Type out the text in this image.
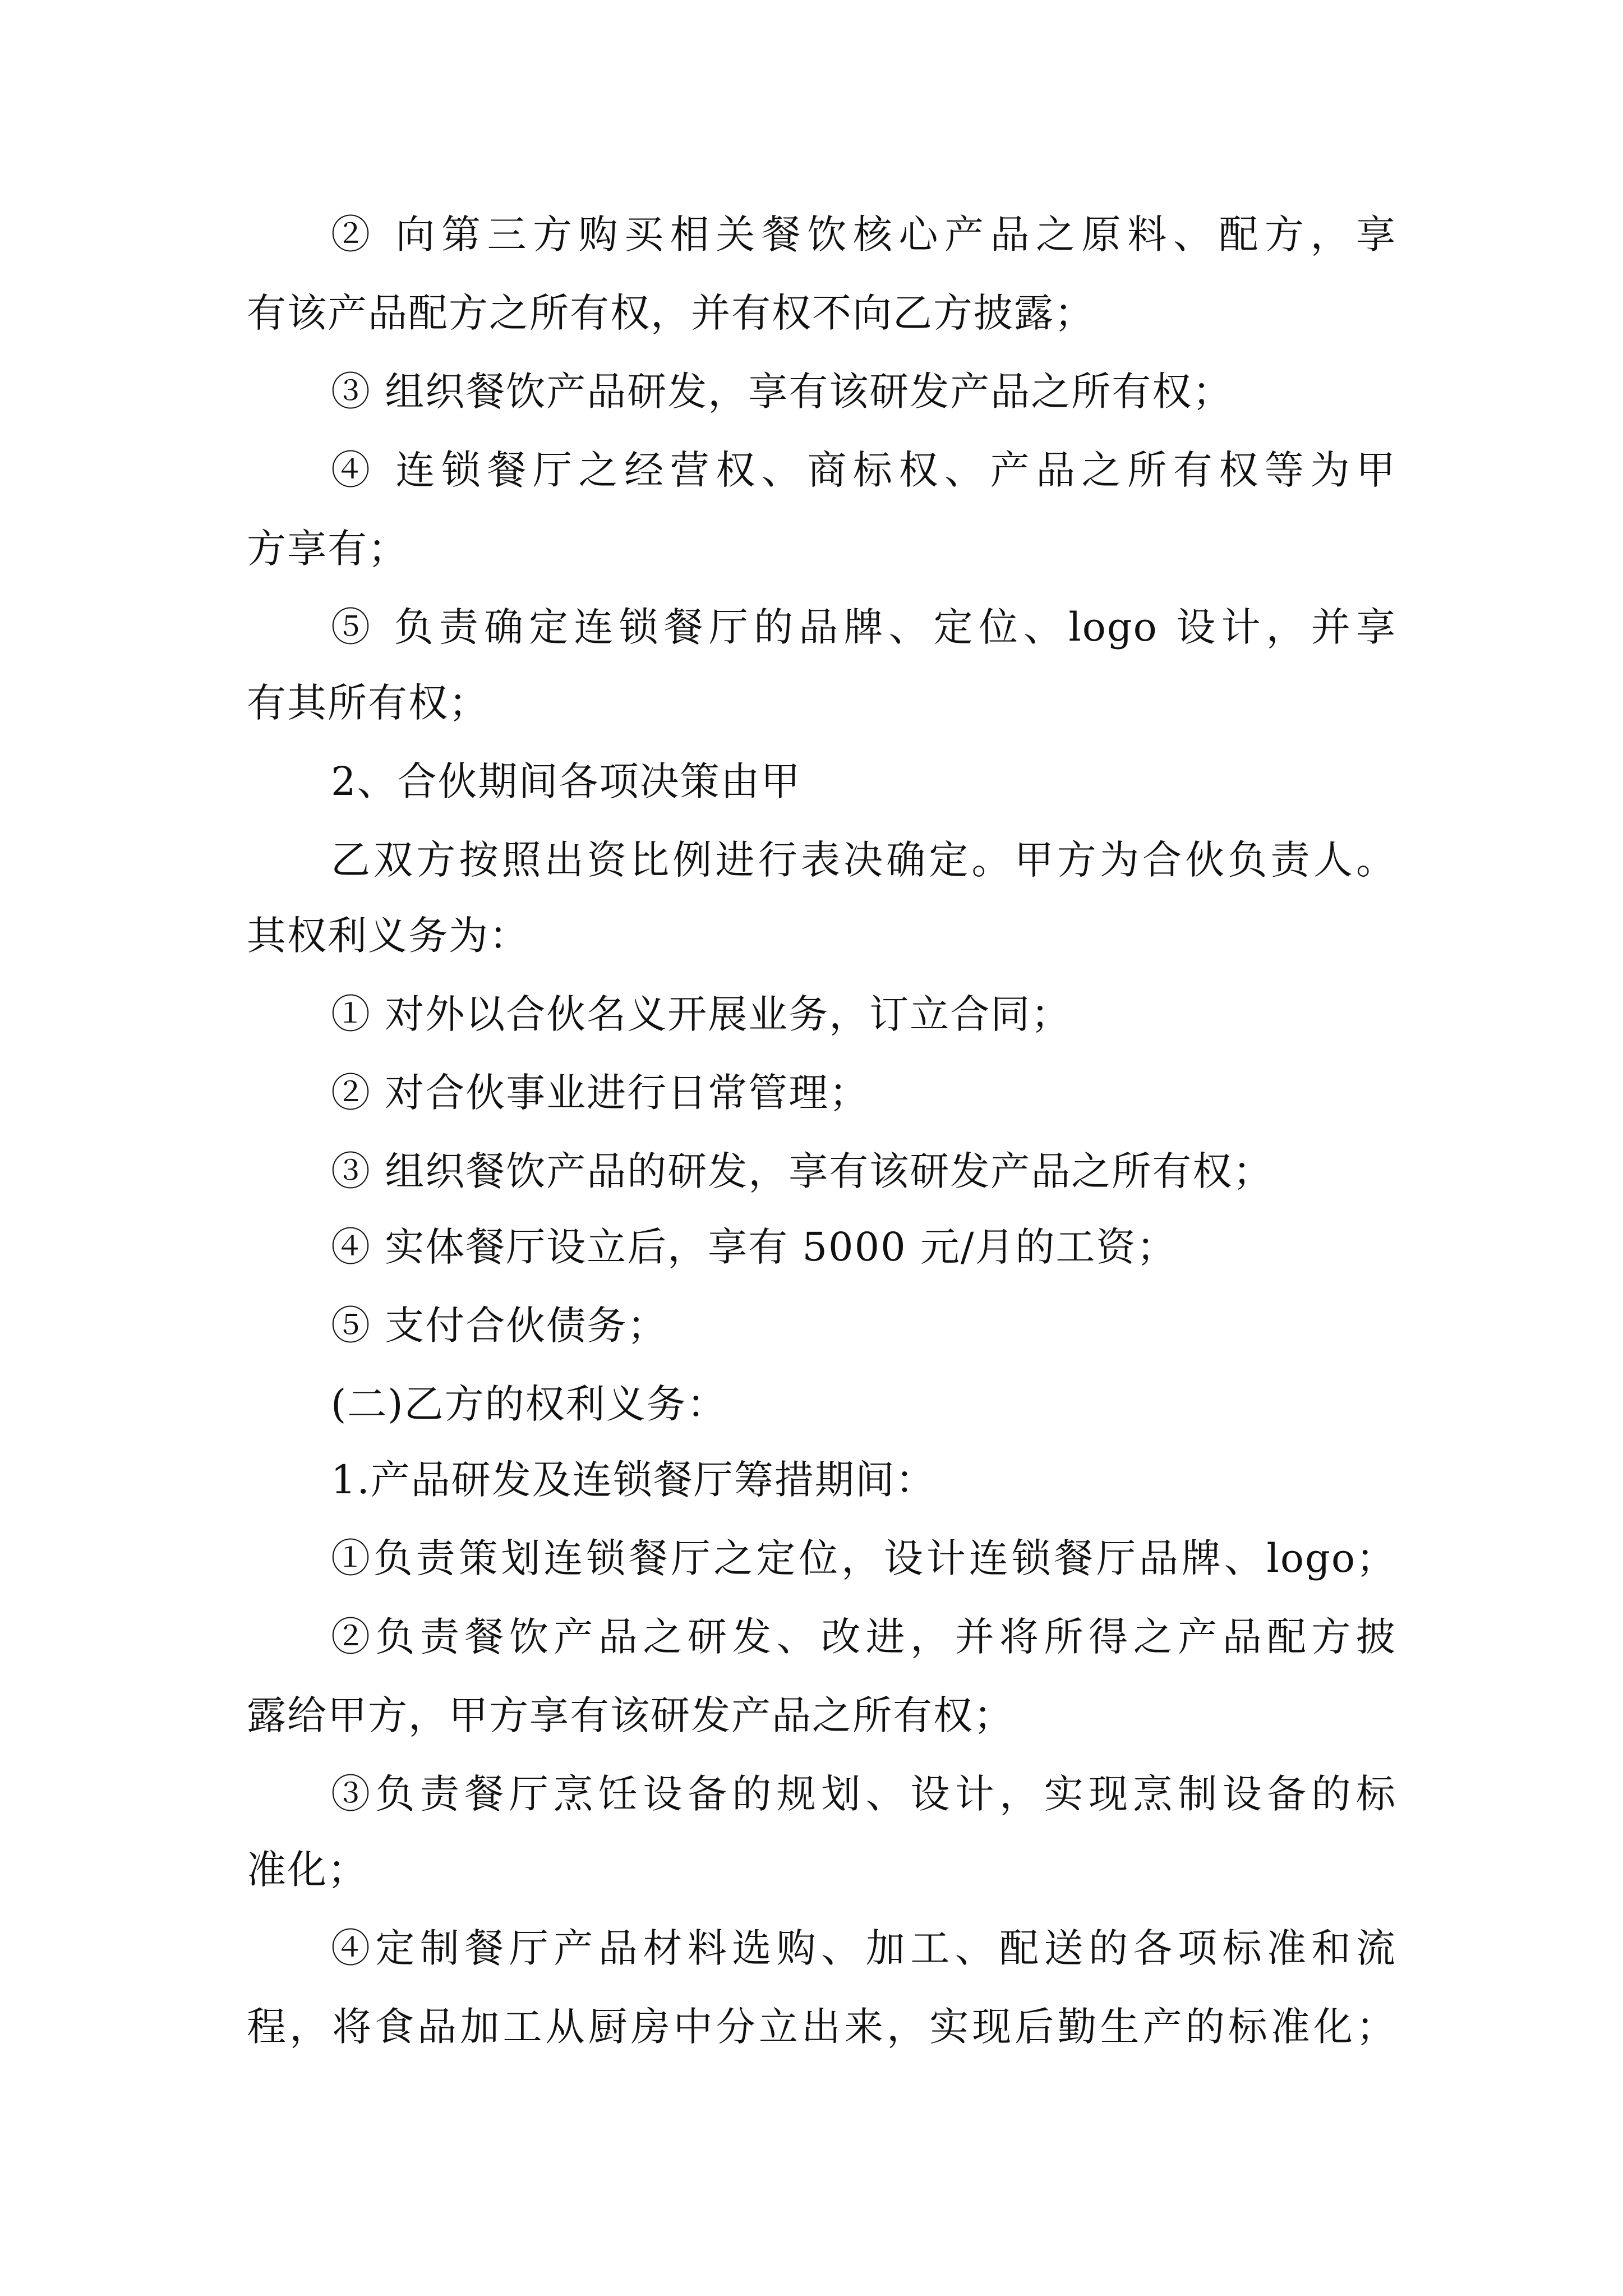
② 向第三方购买相关餐饮核心产品之原料、配方，享
有该产品配方之所有权，并有权不向乙方披露；
③ 组织餐饮产品研发，享有该研发产品之所有权；
④ 连锁餐厅之经营权、商标权、产品之所有权等为甲
方享有；
⑤ 负责确定连锁餐厅的品牌、定位、logo 设计，并享
有其所有权；
2、合伙期间各项决策由甲
乙双方按照出资比例进行表决确定。甲方为合伙负责人。
其权利义务为：
① 对外以合伙名义开展业务，订立合同；
② 对合伙事业进行日常管理；
③ 组织餐饮产品的研发，享有该研发产品之所有权；
④ 实体餐厅设立后，享有 5000 元/月的工资；
⑤ 支付合伙债务；
(二)乙方的权利义务：
1.产品研发及连锁餐厅筹措期间：
①负责策划连锁餐厅之定位，设计连锁餐厅品牌、logo；
②负责餐饮产品之研发、改进，并将所得之产品配方披
露给甲方，甲方享有该研发产品之所有权；
③负责餐厅烹饪设备的规划、设计，实现烹制设备的标
准化；
④定制餐厅产品材料选购、加工、配送的各项标准和流
程，将食品加工从厨房中分立出来，实现后勤生产的标准化；
